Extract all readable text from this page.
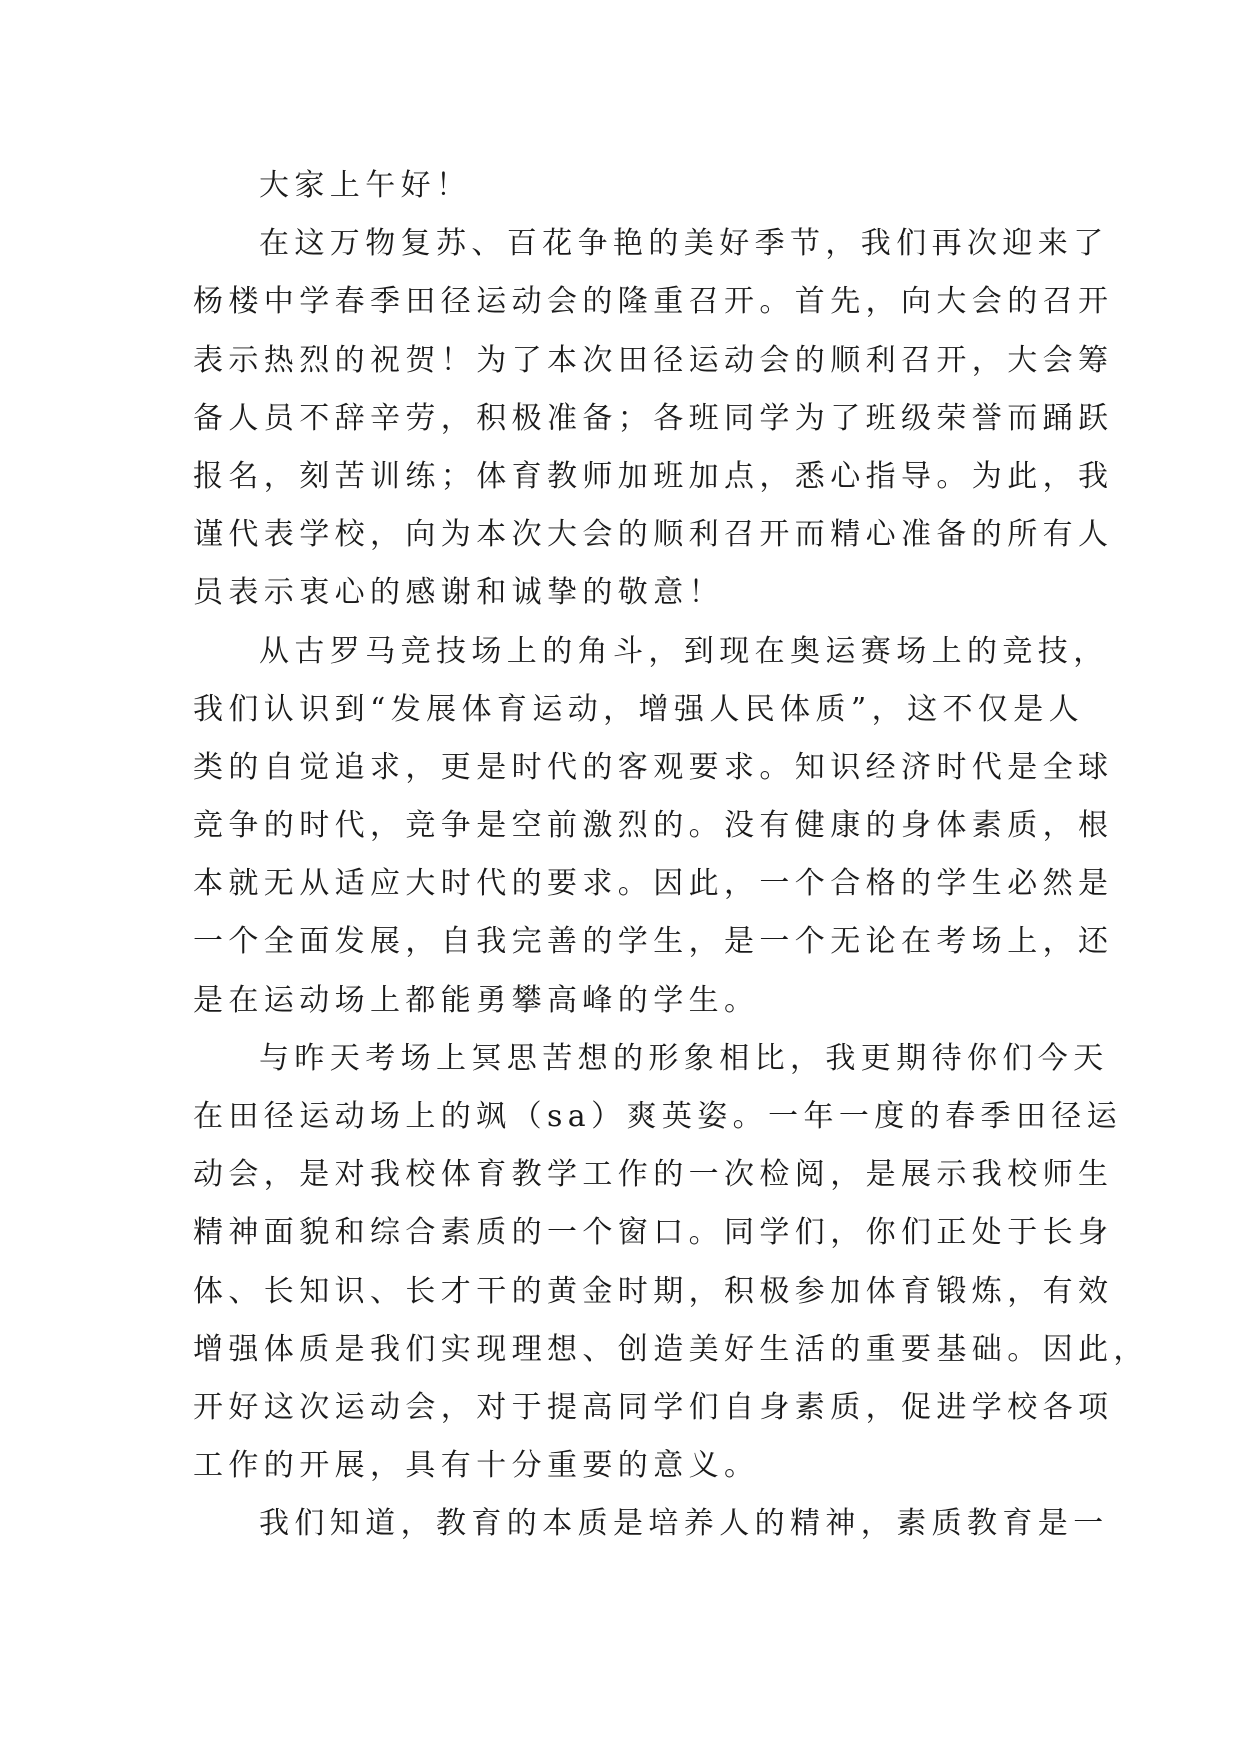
大家上午好！
在这万物复苏、百花争艳的美好季节，我们再次迎来了
杨楼中学春季田径运动会的隆重召开。首先，向大会的召开
表示热烈的祝贺！为了本次田径运动会的顺利召开，大会筹
备人员不辞辛劳，积极准备；各班同学为了班级荣誉而踊跃
报名，刻苦训练；体育教师加班加点，悉心指导。为此，我
谨代表学校，向为本次大会的顺利召开而精心准备的所有人
员表示衷心的感谢和诚挚的敬意！
从古罗马竞技场上的角斗，到现在奥运赛场上的竞技，
我们认识到“发展体育运动，增强人民体质”，这不仅是人
类的自觉追求，更是时代的客观要求。知识经济时代是全球
竞争的时代，竞争是空前激烈的。没有健康的身体素质，根
本就无从适应大时代的要求。因此，一个合格的学生必然是
一个全面发展，自我完善的学生，是一个无论在考场上，还
是在运动场上都能勇攀高峰的学生。
与昨天考场上冥思苦想的形象相比，我更期待你们今天
在田径运动场上的飒（sa）爽英姿。一年一度的春季田径运
动会，是对我校体育教学工作的一次检阅，是展示我校师生
精神面貌和综合素质的一个窗口。同学们，你们正处于长身
体、长知识、长才干的黄金时期，积极参加体育锻炼，有效
增强体质是我们实现理想、创造美好生活的重要基础。因此，
开好这次运动会，对于提高同学们自身素质，促进学校各项
工作的开展，具有十分重要的意义。
我们知道，教育的本质是培养人的精神，素质教育是一
